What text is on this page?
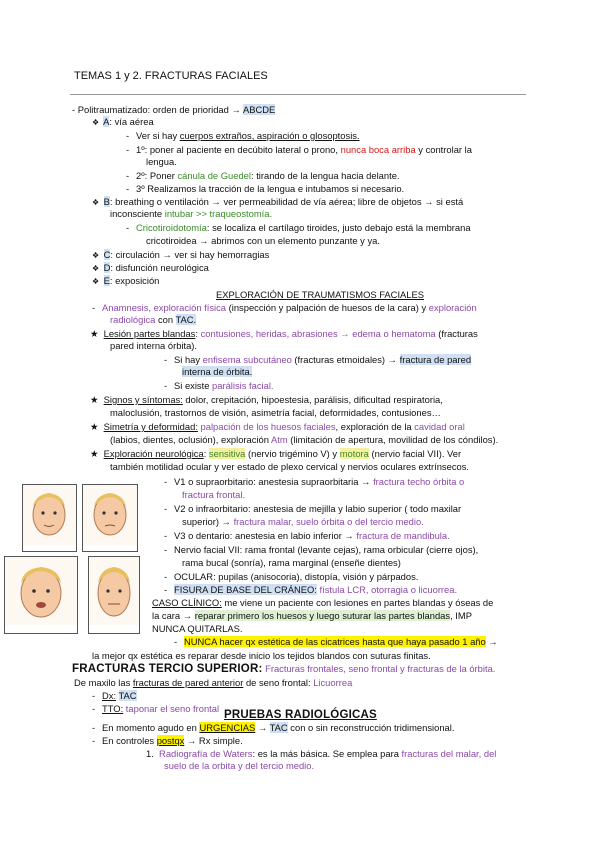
TEMAS 1 y 2. FRACTURAS FACIALES
- Politraumatizado: orden de prioridad → ABCDE
❖ A: vía aérea
- Ver si hay cuerpos extraños, aspiración o glosoptosis.
- 1º: poner al paciente en decúbito lateral o prono, nunca boca arriba y controlar la
lengua.
- 2º: Poner cánula de Guedel: tirando de la lengua hacia delante.
- 3º Realizamos la tracción de la lengua e intubamos si necesario.
❖ B: breathing o ventilación → ver permeabilidad de vía aérea; libre de objetos → si está
inconsciente intubar >> traqueostomía.
- Cricotiroidotomía: se localiza el cartílago tiroides, justo debajo está la membrana
cricotiroidea → abrimos con un elemento punzante y ya.
❖ C: circulación → ver si hay hemorragias
❖ D: disfunción neurológica
❖ E: exposición
EXPLORACIÓN DE TRAUMATISMOS FACIALES
- Anamnesis, exploración física (inspección y palpación de huesos de la cara) y exploración
radiológica con TAC.
★ Lesión partes blandas: contusiones, heridas, abrasiones → edema o hematoma (fracturas
pared interna órbita).
- Si hay enfisema subcutáneo (fracturas etmoidales) → fractura de pared
interna de órbita.
- Si existe parálisis facial.
★ Signos y síntomas: dolor, crepitación, hipoestesia, parálisis, dificultad respiratoria,
maloclusión, trastornos de visión, asimetría facial, deformidades, contusiones…
★ Simetría y deformidad: palpación de los huesos faciales, exploración de la cavidad oral
(labios, dientes, oclusión), exploración Atm (limitación de apertura, movilidad de los cóndilos).
★ Exploración neurológica: sensitiva (nervio trigémino V) y motora (nervio facial VII). Ver
también motilidad ocular y ver estado de plexo cervical y nervios oculares extrínsecos.
- V1 o supraorbitario: anestesia supraorbitaria → fractura techo órbita o
fractura frontal.
- V2 o infraorbitario: anestesia de mejilla y labio superior ( todo maxilar
superior) → fractura malar, suelo órbita o del tercio medio.
- V3 o dentario: anestesia en labio inferior → fractura de mandibula.
- Nervio facial VII: rama frontal (levante cejas), rama orbicular (cierre ojos),
rama bucal (sonría), rama marginal (enseñe dientes)
- OCULAR: pupilas (anisocoria), distopía, visión y párpados.
- FISURA DE BASE DEL CRÁNEO: fístula LCR, otorragia o licuorrea.
CASO CLÍNICO: me viene un paciente con lesiones en partes blandas y óseas de
la cara → reparar primero los huesos y luego suturar las partes blandas, IMP
NUNCA QUITARLAS.
- NUNCA hacer qx estética de las cicatrices hasta que haya pasado 1 año →
la mejor qx estética es reparar desde inicio los tejidos blandos con suturas finitas.
FRACTURAS TERCIO SUPERIOR: Fracturas frontales, seno frontal y fracturas de la órbita.
De maxilo las fracturas de pared anterior de seno frontal: Licuorrea
- Dx: TAC
- TTO: taponar el seno frontal
PRUEBAS RADIOLÓGICAS
- En momento agudo en URGENCIAS → TAC con o sin reconstrucción tridimensional.
- En controles postqx → Rx simple.
1. Radiografía de Waters: es la más básica. Se emplea para fracturas del malar, del
suelo de la orbita y del tercio medio.
